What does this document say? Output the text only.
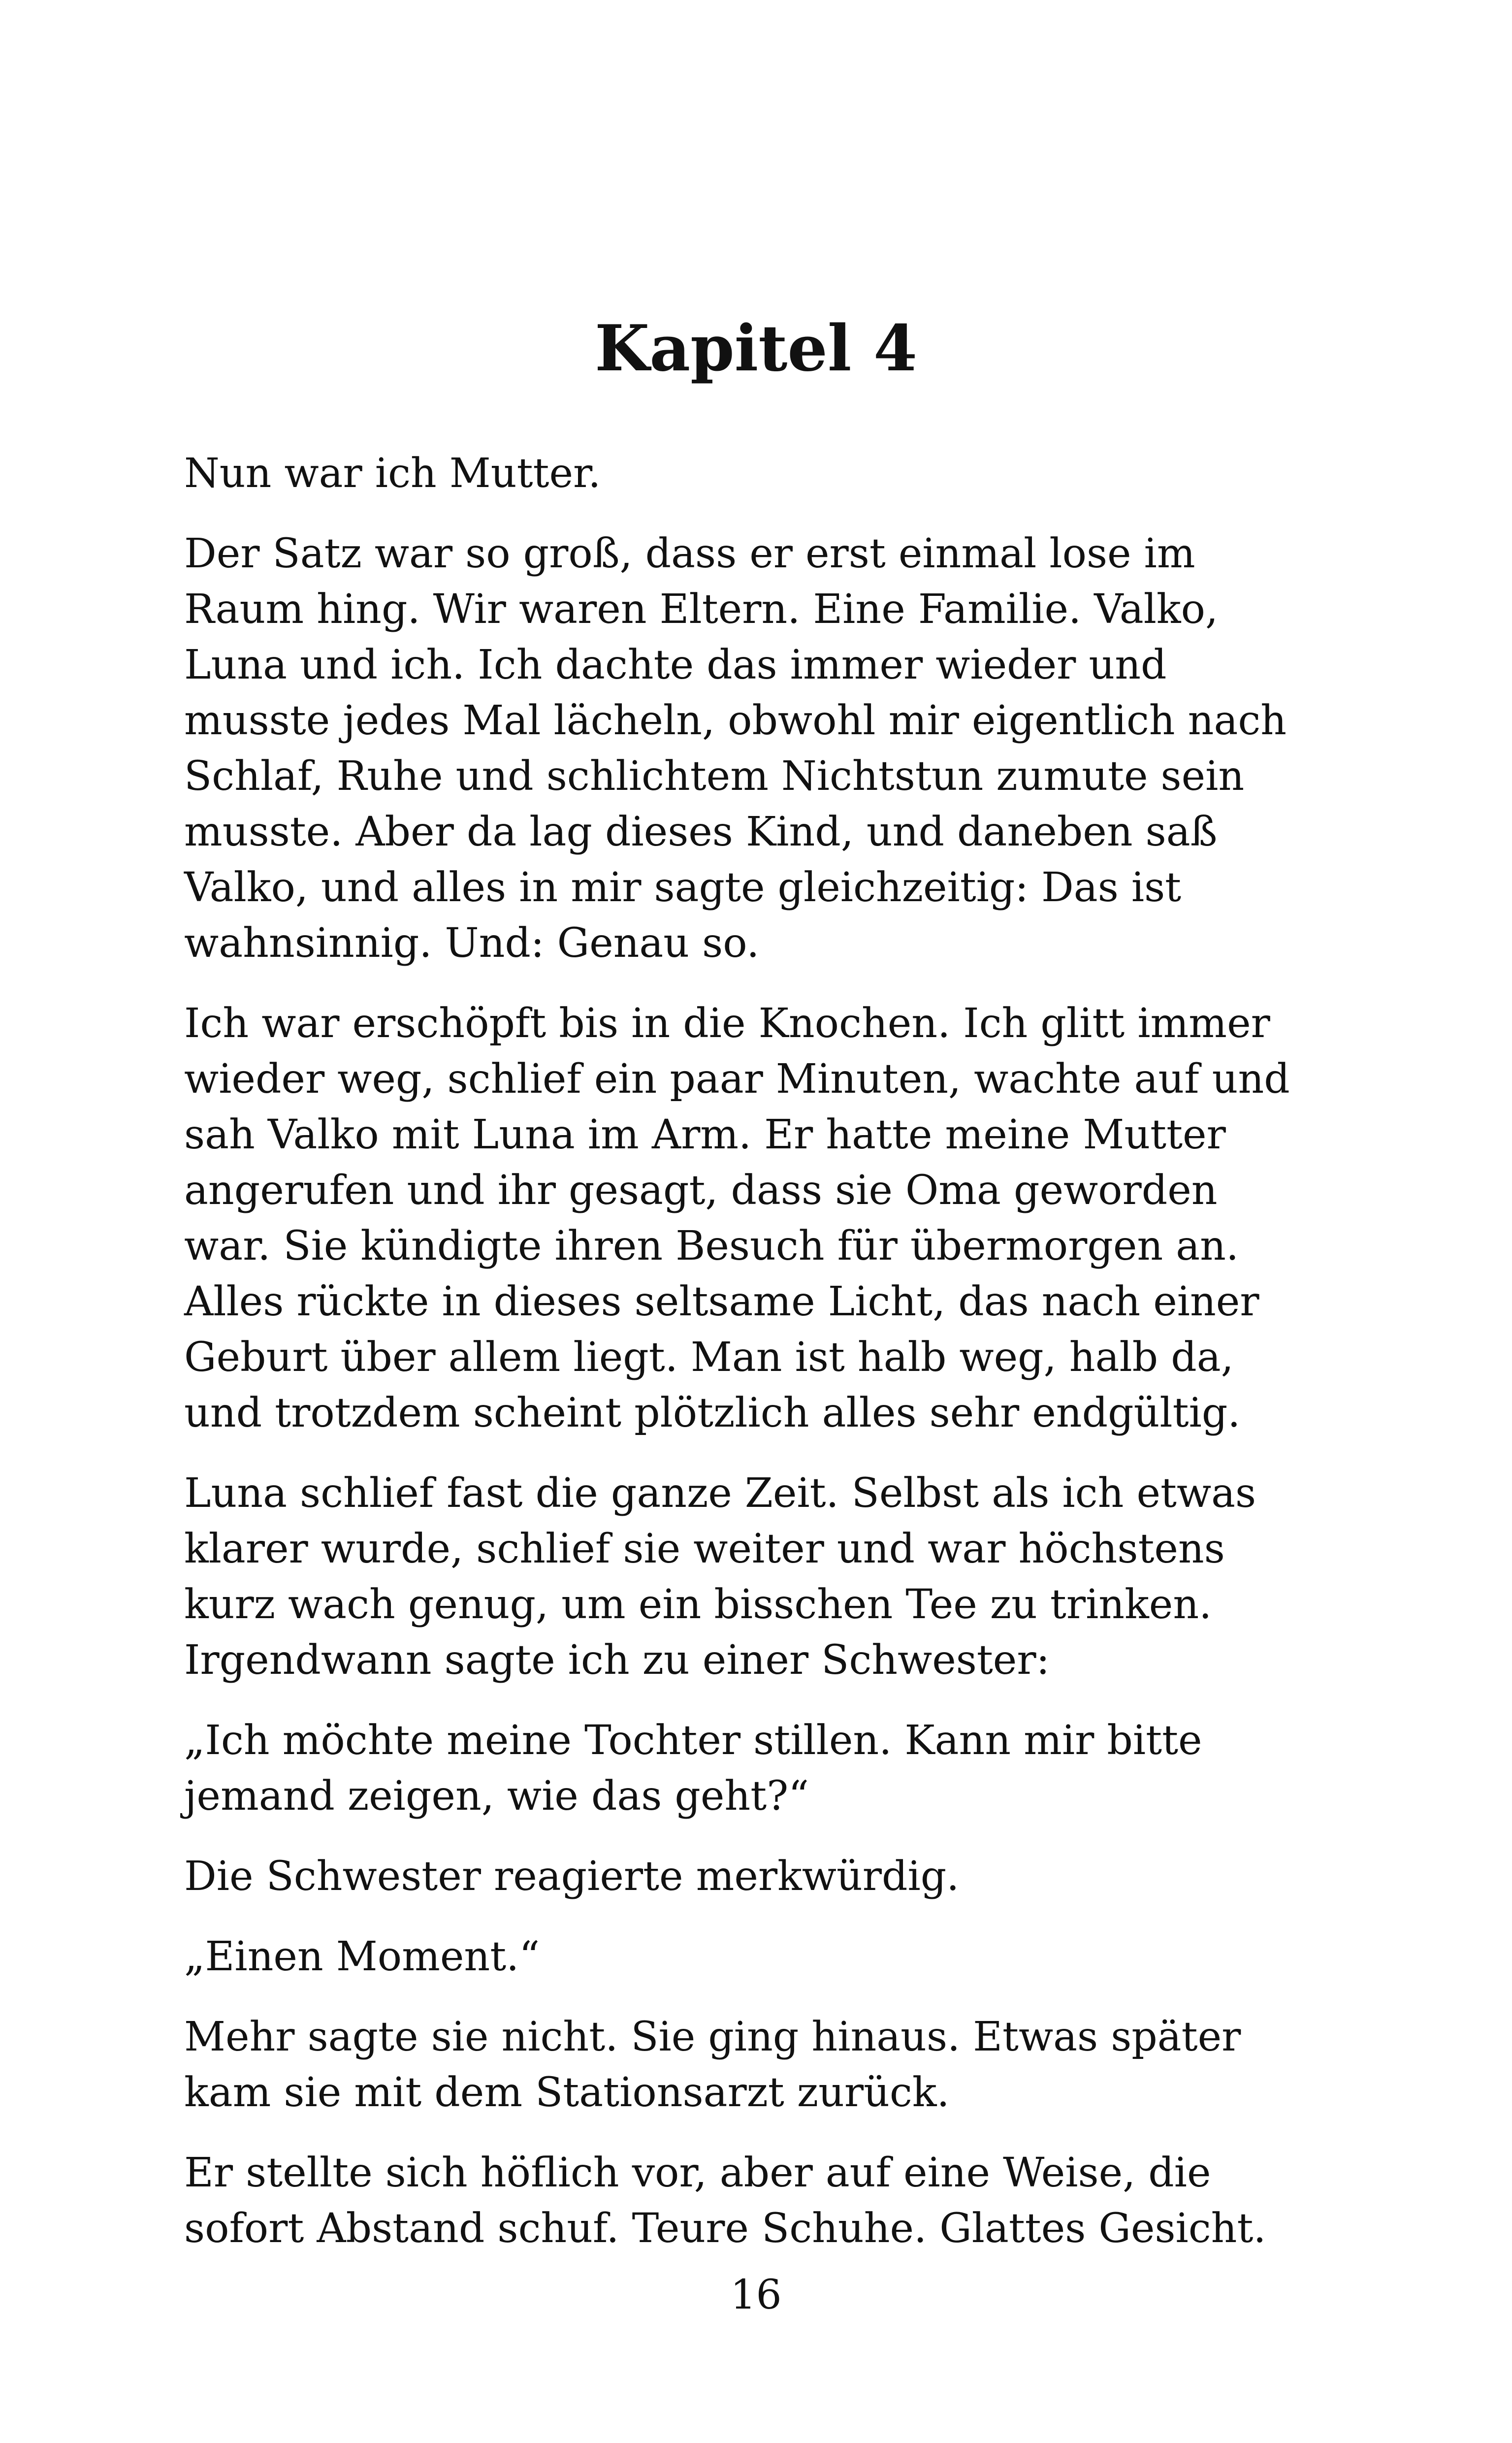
Kapitel 4

Nun war ich Mutter.

Der Satz war so groß, dass er erst einmal lose im
Raum hing. Wir waren Eltern. Eine Familie. Valko,
Luna und ich. Ich dachte das immer wieder und
musste jedes Mal lächeln, obwohl mir eigentlich nach
Schlaf, Ruhe und schlichtem Nichtstun zumute sein
musste. Aber da lag dieses Kind, und daneben saß
Valko, und alles in mir sagte gleichzeitig: Das ist
wahnsinnig. Und: Genau so.

Ich war erschöpft bis in die Knochen. Ich glitt immer
wieder weg, schlief ein paar Minuten, wachte auf und
sah Valko mit Luna im Arm. Er hatte meine Mutter
angerufen und ihr gesagt, dass sie Oma geworden
war. Sie kündigte ihren Besuch für übermorgen an.
Alles rückte in dieses seltsame Licht, das nach einer
Geburt über allem liegt. Man ist halb weg, halb da,
und trotzdem scheint plötzlich alles sehr endgültig.

Luna schlief fast die ganze Zeit. Selbst als ich etwas
klarer wurde, schlief sie weiter und war höchstens
kurz wach genug, um ein bisschen Tee zu trinken.
Irgendwann sagte ich zu einer Schwester:

„Ich möchte meine Tochter stillen. Kann mir bitte
jemand zeigen, wie das geht?“

Die Schwester reagierte merkwürdig.

„Einen Moment.“

Mehr sagte sie nicht. Sie ging hinaus. Etwas später
kam sie mit dem Stationsarzt zurück.

Er stellte sich höflich vor, aber auf eine Weise, die
sofort Abstand schuf. Teure Schuhe. Glattes Gesicht.

16
